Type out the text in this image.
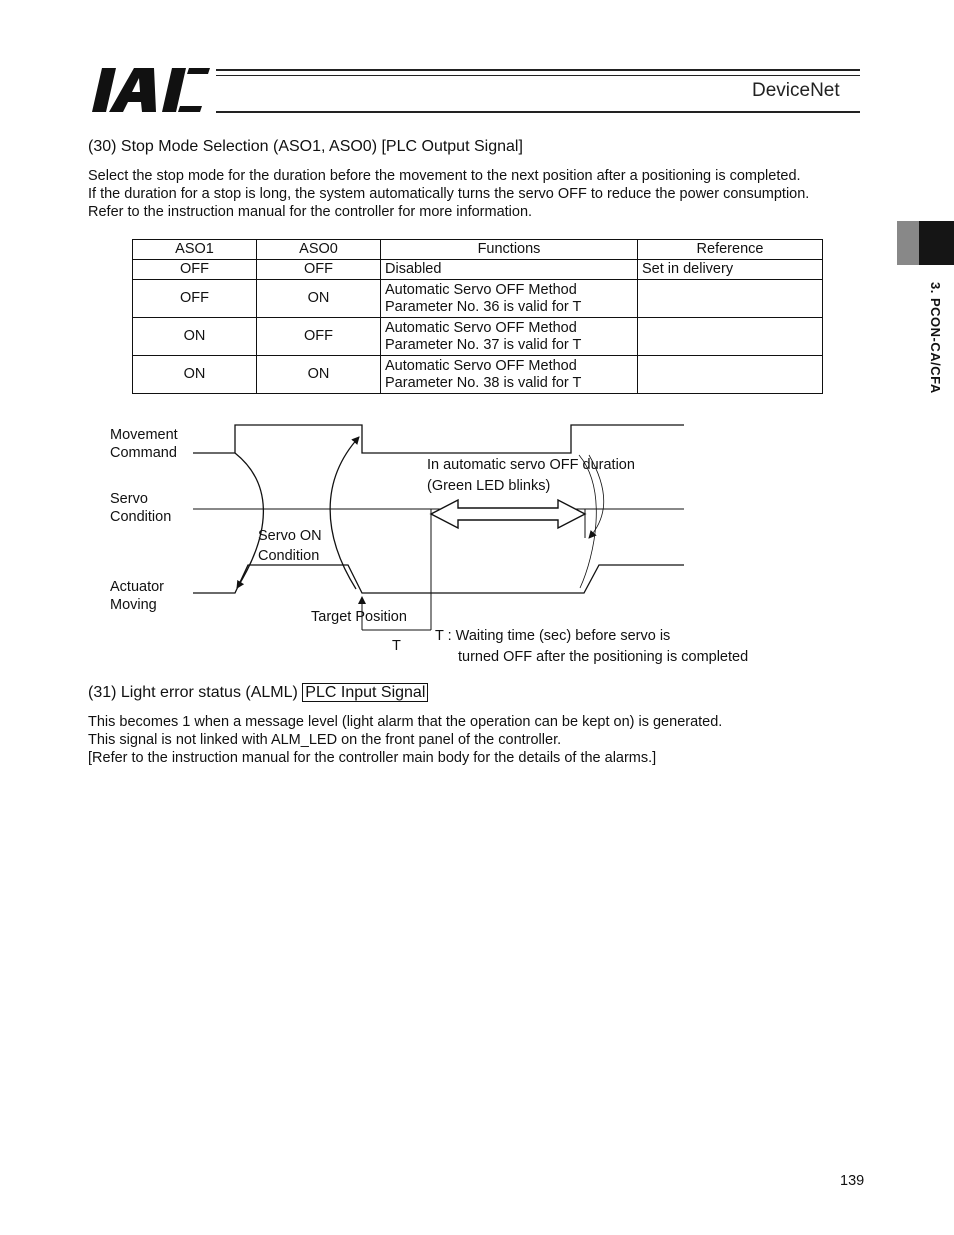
DeviceNet
3. PCON-CA/CFA
(30) Stop Mode Selection (ASO1, ASO0) [PLC Output Signal]
Select the stop mode for the duration before the movement to the next position after a positioning is completed.
If the duration for a stop is long, the system automatically turns the servo OFF to reduce the power consumption.
Refer to the instruction manual for the controller for more information.
ASO1	ASO0	Functions	Reference
OFF	OFF	Disabled	Set in delivery
OFF	ON	Automatic Servo OFF Method
Parameter No. 36 is valid for T	

ON	OFF	Automatic Servo OFF Method
Parameter No. 37 is valid for T	

ON	ON	Automatic Servo OFF Method
Parameter No. 38 is valid for T	

Movement
Command
Servo
Condition
Actuator
Moving
Servo ON
Condition
In automatic servo OFF duration
(Green LED blinks)
Target Position
T
T : Waiting time (sec) before servo is
turned OFF after the positioning is completed
(31) Light error status (ALML) PLC Input Signal
This becomes 1 when a message level (light alarm that the operation can be kept on) is generated.
This signal is not linked with ALM_LED on the front panel of the controller.
[Refer to the instruction manual for the controller main body for the details of the alarms.]
139
